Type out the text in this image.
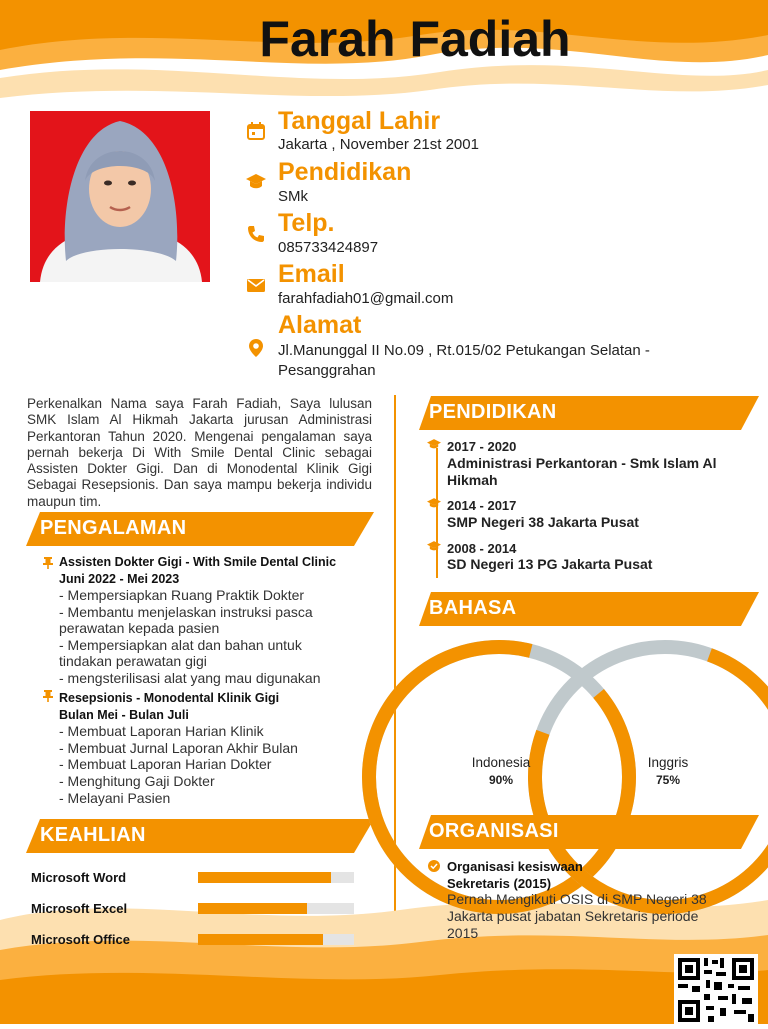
Farah Fadiah
Tanggal Lahir
Jakarta , November 21st 2001
Pendidikan
SMk
Telp.
085733424897
Email
farahfadiah01@gmail.com
Alamat
Jl.Manunggal II No.09 , Rt.015/02 Petukangan Selatan -
Pesanggrahan
Perkenalkan Nama saya Farah Fadiah, Saya lulusan SMK Islam Al Hikmah Jakarta jurusan Administrasi Perkantoran Tahun 2020. Mengenai pengalaman saya pernah bekerja Di With Smile Dental Clinic sebagai Assisten Dokter Gigi. Dan di Monodental Klinik Gigi Sebagai Resepsionis. Dan saya mampu bekerja individu maupun tim.
PENGALAMAN
Assisten Dokter Gigi - With Smile Dental Clinic
Juni 2022 - Mei 2023
- Mempersiapkan Ruang Praktik Dokter
- Membantu menjelaskan instruksi pasca
perawatan kepada pasien
- Mempersiapkan alat dan bahan untuk
tindakan perawatan gigi
- mengsterilisasi alat yang mau digunakan
Resepsionis - Monodental Klinik Gigi
Bulan Mei - Bulan Juli
- Membuat Laporan Harian Klinik
- Membuat Jurnal Laporan Akhir Bulan
- Membuat Laporan Harian Dokter
- Menghitung Gaji Dokter
- Melayani Pasien
KEAHLIAN
Microsoft Word
Microsoft Excel
Microsoft Office
PENDIDIKAN
2017 - 2020
Administrasi Perkantoran - Smk Islam Al
Hikmah
2014 - 2017
SMP Negeri 38 Jakarta Pusat
2008 - 2014
SD Negeri 13 PG Jakarta Pusat
BAHASA
Indonesia
90%
Inggris
75%
ORGANISASI
Organisasi kesiswaan
Sekretaris (2015)
Pernah Mengikuti OSIS di SMP Negeri 38
Jakarta pusat jabatan Sekretaris periode
2015
